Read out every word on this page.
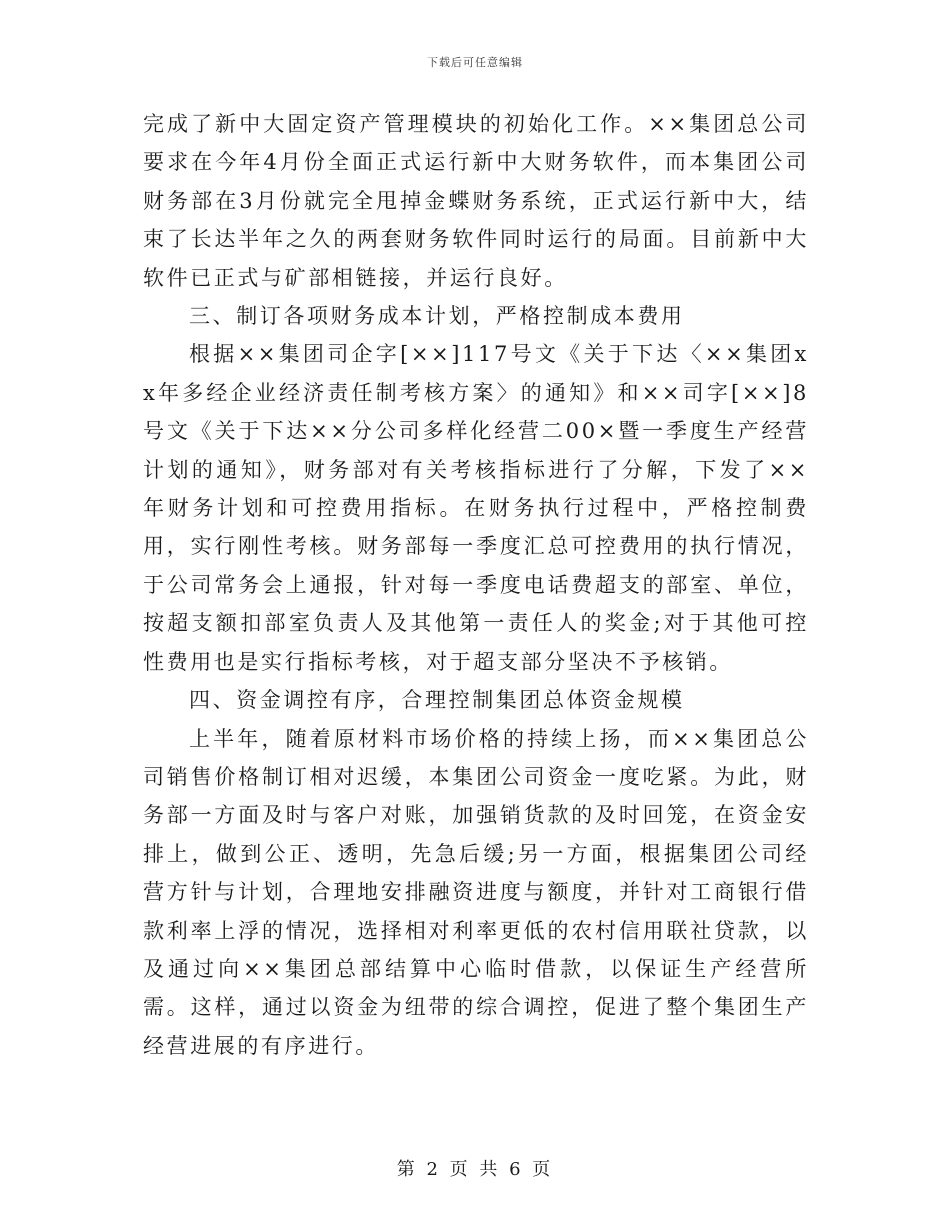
下载后可任意编辑

完成了新中大固定资产管理模块的初始化工作。××集团总公司要求在今年4月份全面正式运行新中大财务软件，而本集团公司财务部在3月份就完全甩掉金蝶财务系统，正式运行新中大，结束了长达半年之久的两套财务软件同时运行的局面。目前新中大软件已正式与矿部相链接，并运行良好。

三、制订各项财务成本计划，严格控制成本费用

根据××集团司企字[××]117号文《关于下达〈××集团xx年多经企业经济责任制考核方案〉的通知》和××司字[××]8号文《关于下达××分公司多样化经营二00×暨一季度生产经营计划的通知》，财务部对有关考核指标进行了分解，下发了××年财务计划和可控费用指标。在财务执行过程中，严格控制费用，实行刚性考核。财务部每一季度汇总可控费用的执行情况，于公司常务会上通报，针对每一季度电话费超支的部室、单位，按超支额扣部室负责人及其他第一责任人的奖金;对于其他可控性费用也是实行指标考核，对于超支部分坚决不予核销。

四、资金调控有序，合理控制集团总体资金规模

上半年，随着原材料市场价格的持续上扬，而××集团总公司销售价格制订相对迟缓，本集团公司资金一度吃紧。为此，财务部一方面及时与客户对账，加强销货款的及时回笼，在资金安排上，做到公正、透明，先急后缓;另一方面，根据集团公司经营方针与计划，合理地安排融资进度与额度，并针对工商银行借款利率上浮的情况，选择相对利率更低的农村信用联社贷款，以及通过向××集团总部结算中心临时借款，以保证生产经营所需。这样，通过以资金为纽带的综合调控，促进了整个集团生产经营进展的有序进行。

第 2 页 共 6 页
